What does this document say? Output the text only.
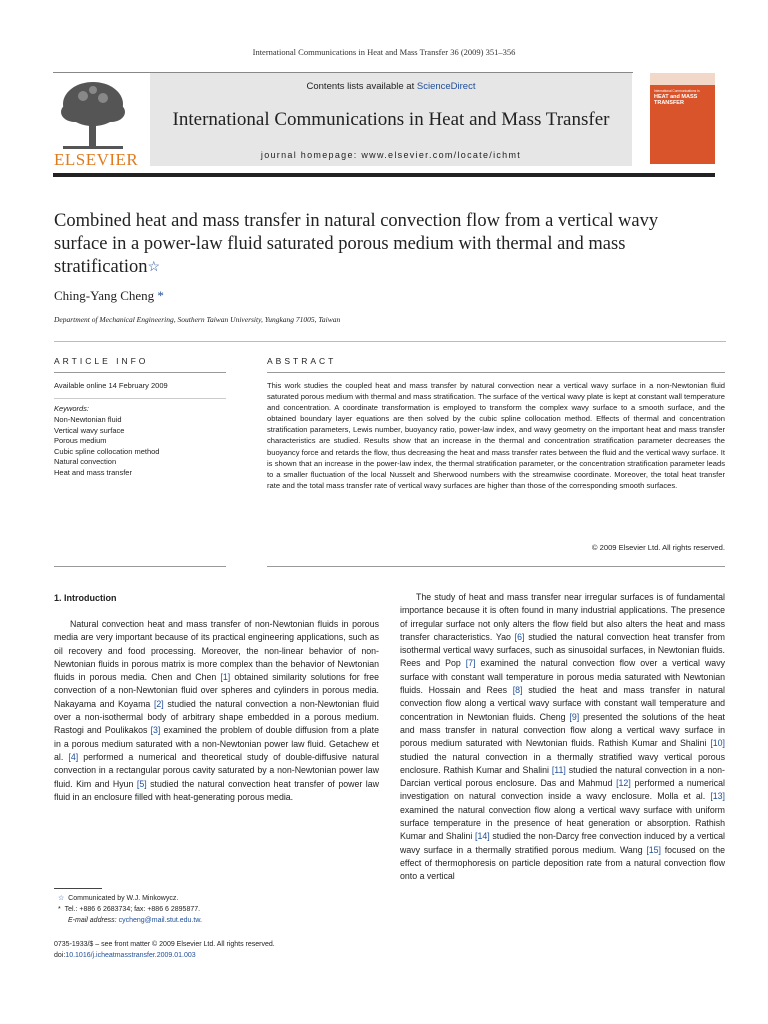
International Communications in Heat and Mass Transfer 36 (2009) 351–356
ELSEVIER
Contents lists available at ScienceDirect
International Communications in Heat and Mass Transfer
journal homepage: www.elsevier.com/locate/ichmt
International Communications in
HEAT and MASS TRANSFER
Combined heat and mass transfer in natural convection flow from a vertical wavy surface in a power-law fluid saturated porous medium with thermal and mass stratification☆
Ching-Yang Cheng *
Department of Mechanical Engineering, Southern Taiwan University, Yungkang 71005, Taiwan
ARTICLE INFO
Available online 14 February 2009
Keywords:
Non-Newtonian fluid
Vertical wavy surface
Porous medium
Cubic spline collocation method
Natural convection
Heat and mass transfer
ABSTRACT
This work studies the coupled heat and mass transfer by natural convection near a vertical wavy surface in a non-Newtonian fluid saturated porous medium with thermal and mass stratification. The surface of the vertical wavy plate is kept at constant wall temperature and concentration. A coordinate transformation is employed to transform the complex wavy surface to a smooth surface, and the obtained boundary layer equations are then solved by the cubic spline collocation method. Effects of thermal and concentration stratification parameters, Lewis number, buoyancy ratio, power-law index, and wavy geometry on the important heat and mass transfer characteristics are studied. Results show that an increase in the thermal and concentration stratification parameter decreases the buoyancy force and retards the flow, thus decreasing the heat and mass transfer rates between the fluid and the vertical wavy surface. It is shown that an increase in the power-law index, the thermal stratification parameter, or the concentration stratification parameter leads to a smaller fluctuation of the local Nusselt and Sherwood numbers with the streamwise coordinate. Moreover, the total heat transfer rate and the total mass transfer rate of vertical wavy surfaces are higher than those of the corresponding smooth surfaces.
© 2009 Elsevier Ltd. All rights reserved.
1. Introduction
Natural convection heat and mass transfer of non-Newtonian fluids in porous media are very important because of its practical engineering applications, such as oil recovery and food processing. Moreover, the non-linear behavior of non-Newtonian fluids in porous matrix is more complex than the behavior of Newtonian fluids in porous media. Chen and Chen [1] obtained similarity solutions for free convection of a non-Newtonian fluid over spheres and cylinders in porous media. Nakayama and Koyama [2] studied the natural convection a non-Newtonian fluid over a non-isothermal body of arbitrary shape embedded in a porous medium. Rastogi and Poulikakos [3] examined the problem of double diffusion from a plate in a porous medium saturated with a non-Newtonian power law fluid. Getachew et al. [4] performed a numerical and theoretical study of double-diffusive natural convection in a rectangular porous cavity saturated by a non-Newtonian power law fluid. Kim and Hyun [5] studied the natural convection heat transfer of power law fluid in an enclosure filled with heat-generating porous media.
The study of heat and mass transfer near irregular surfaces is of fundamental importance because it is often found in many industrial applications. The presence of irregular surface not only alters the flow field but also alters the heat and mass transfer characteristics. Yao [6] studied the natural convection heat transfer from isothermal vertical wavy surfaces, such as sinusoidal surfaces, in Newtonian fluids. Rees and Pop [7] examined the natural convection flow over a vertical wavy surface with constant wall temperature in porous media saturated with Newtonian fluids. Hossain and Rees [8] studied the heat and mass transfer in natural convection flow along a vertical wavy surface with constant wall temperature and concentration in Newtonian fluids. Cheng [9] presented the solutions of the heat and mass transfer in natural convection flow along a vertical wavy surface in porous medium saturated with Newtonian fluids. Rathish Kumar and Shalini [10] studied the natural convection in a thermally stratified wavy vertical porous enclosure. Rathish Kumar and Shalini [11] studied the natural convection in a non-Darcian vertical porous enclosure. Das and Mahmud [12] performed a numerical investigation on natural convection inside a wavy enclosure. Molla et al. [13] examined the natural convection flow along a vertical wavy surface with uniform surface temperature in the presence of heat generation or absorption. Rathish Kumar and Shalini [14] studied the non-Darcy free convection induced by a vertical wavy surface in a thermally stratified porous medium. Wang [15] focused on the effect of thermophoresis on particle deposition rate from a natural convection flow onto a vertical
☆ Communicated by W.J. Minkowycz.
* Tel.: +886 6 2683734; fax: +886 6 2895877.
E-mail address: cycheng@mail.stut.edu.tw.
0735-1933/$ – see front matter © 2009 Elsevier Ltd. All rights reserved.
doi:10.1016/j.icheatmasstransfer.2009.01.003
